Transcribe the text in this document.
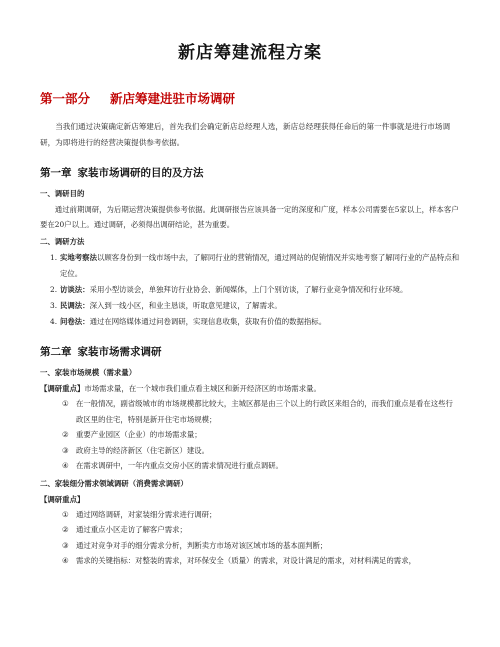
新店筹建流程方案
第一部分 新店筹建进驻市场调研

当我们通过决策确定新店筹建后，首先我们会确定新店总经理人选，新店总经理获得任命后的第一件事就是进行市场调研，为即将进行的经营决策提供参考依据。

第一章 家装市场调研的目的及方法
一、调研目的

通过前期调研，为后期运营决策提供参考依据。此调研报告应该具备一定的深度和广度，样本公司需要在5家以上，样本客户要在20户以上。通过调研，必须得出调研结论，甚为重要。

二、调研方法
1. 实地考察法以顾客身份到一线市场中去，了解同行业的营销情况，通过网站的促销情况并实地考察了解同行业的产品特点和定位。
2. 访谈法：采用小型访谈会，单独拜访行业协会、新闻媒体，上门个别访谈，了解行业竞争情况和行业环境。
3. 民调法：深入到一线小区，和业主恳谈，听取意见建议，了解需求。
4. 问卷法：通过在网络媒体通过问卷调研，实现信息收集，获取有价值的数据指标。
第二章 家装市场需求调研
一、家装市场规模（需求量）

【调研重点】市场需求量，在一个城市我们重点看主城区和新开经济区的市场需求量。

① 在一般情况，副省级城市的市场规模都比较大，主城区都是由三个以上的行政区来组合的，而我们重点是看在这些行政区里的住宅，特别是新开住宅市场规模；
② 重要产业园区（企业）的市场需求量；
③ 政府主导的经济新区（住宅新区）建设。
④ 在需求调研中，一年内重点交房小区的需求情况进行重点调研。
二、家装细分需求领域调研（消费需求调研）

【调研重点】

① 通过网络调研，对家装细分需求进行调研；
② 通过重点小区走访了解客户需求；
③ 通过对竞争对手的细分需求分析，判断卖方市场对该区域市场的基本面判断；
④ 需求的关键指标：对整装的需求，对环保安全（质量）的需求，对设计满足的需求，对材料满足的需求，
